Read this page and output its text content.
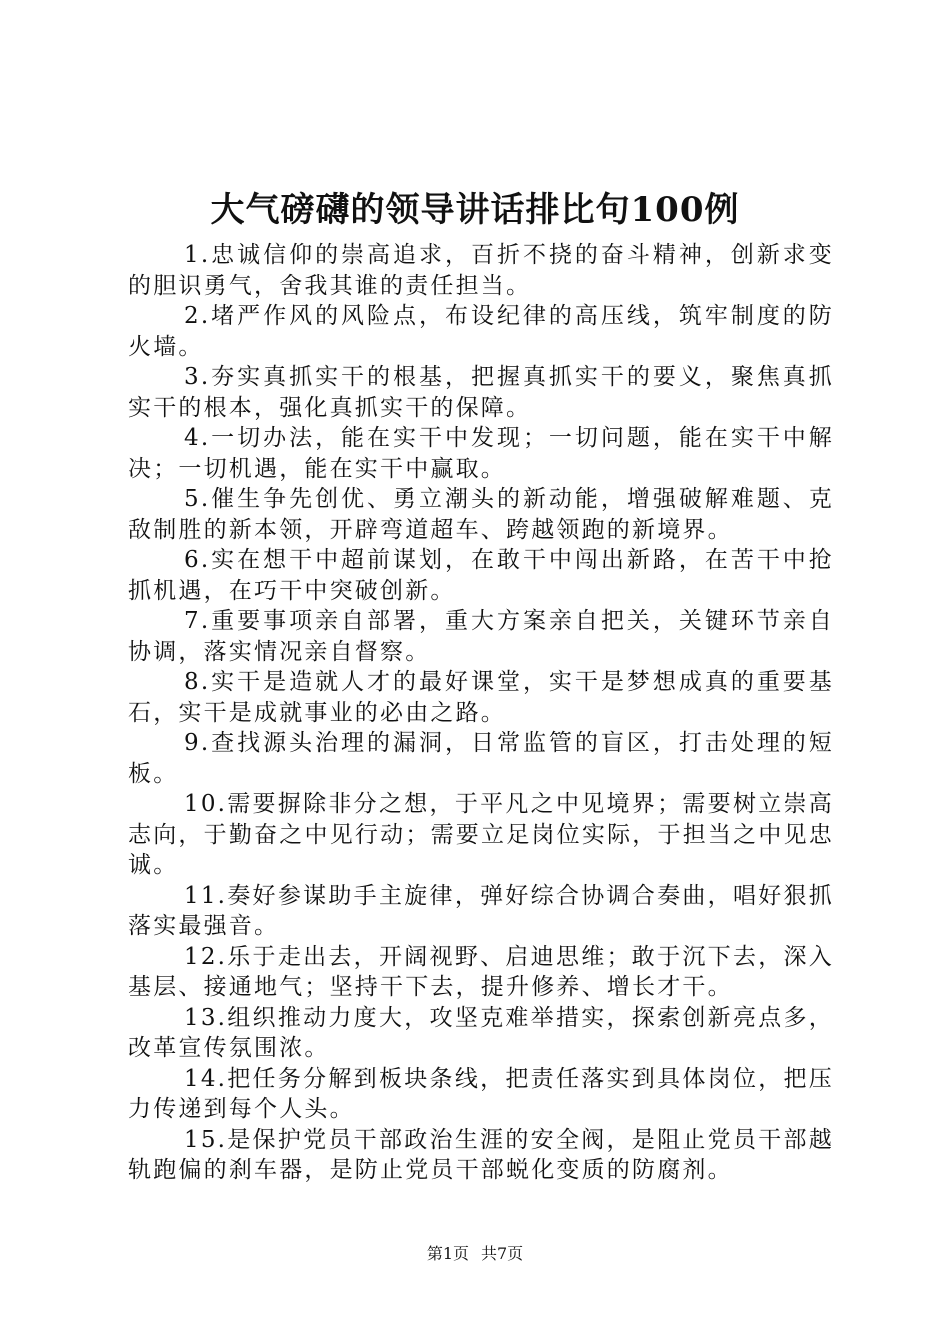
大气磅礴的领导讲话排比句100例

1.忠诚信仰的崇高追求，百折不挠的奋斗精神，创新求变的胆识勇气，舍我其谁的责任担当。

2.堵严作风的风险点，布设纪律的高压线，筑牢制度的防火墙。

3.夯实真抓实干的根基，把握真抓实干的要义，聚焦真抓实干的根本，强化真抓实干的保障。

4.一切办法，能在实干中发现；一切问题，能在实干中解决；一切机遇，能在实干中赢取。

5.催生争先创优、勇立潮头的新动能，增强破解难题、克敌制胜的新本领，开辟弯道超车、跨越领跑的新境界。

6.实在想干中超前谋划，在敢干中闯出新路，在苦干中抢抓机遇，在巧干中突破创新。

7.重要事项亲自部署，重大方案亲自把关，关键环节亲自协调，落实情况亲自督察。

8.实干是造就人才的最好课堂，实干是梦想成真的重要基石，实干是成就事业的必由之路。

9.查找源头治理的漏洞，日常监管的盲区，打击处理的短板。

10.需要摒除非分之想，于平凡之中见境界；需要树立崇高志向，于勤奋之中见行动；需要立足岗位实际，于担当之中见忠诚。

11.奏好参谋助手主旋律，弹好综合协调合奏曲，唱好狠抓落实最强音。

12.乐于走出去，开阔视野、启迪思维；敢于沉下去，深入基层、接通地气；坚持干下去，提升修养、增长才干。

13.组织推动力度大，攻坚克难举措实，探索创新亮点多，改革宣传氛围浓。

14.把任务分解到板块条线，把责任落实到具体岗位，把压力传递到每个人头。

15.是保护党员干部政治生涯的安全阀，是阻止党员干部越轨跑偏的刹车器，是防止党员干部蜕化变质的防腐剂。

第1页 共7页
